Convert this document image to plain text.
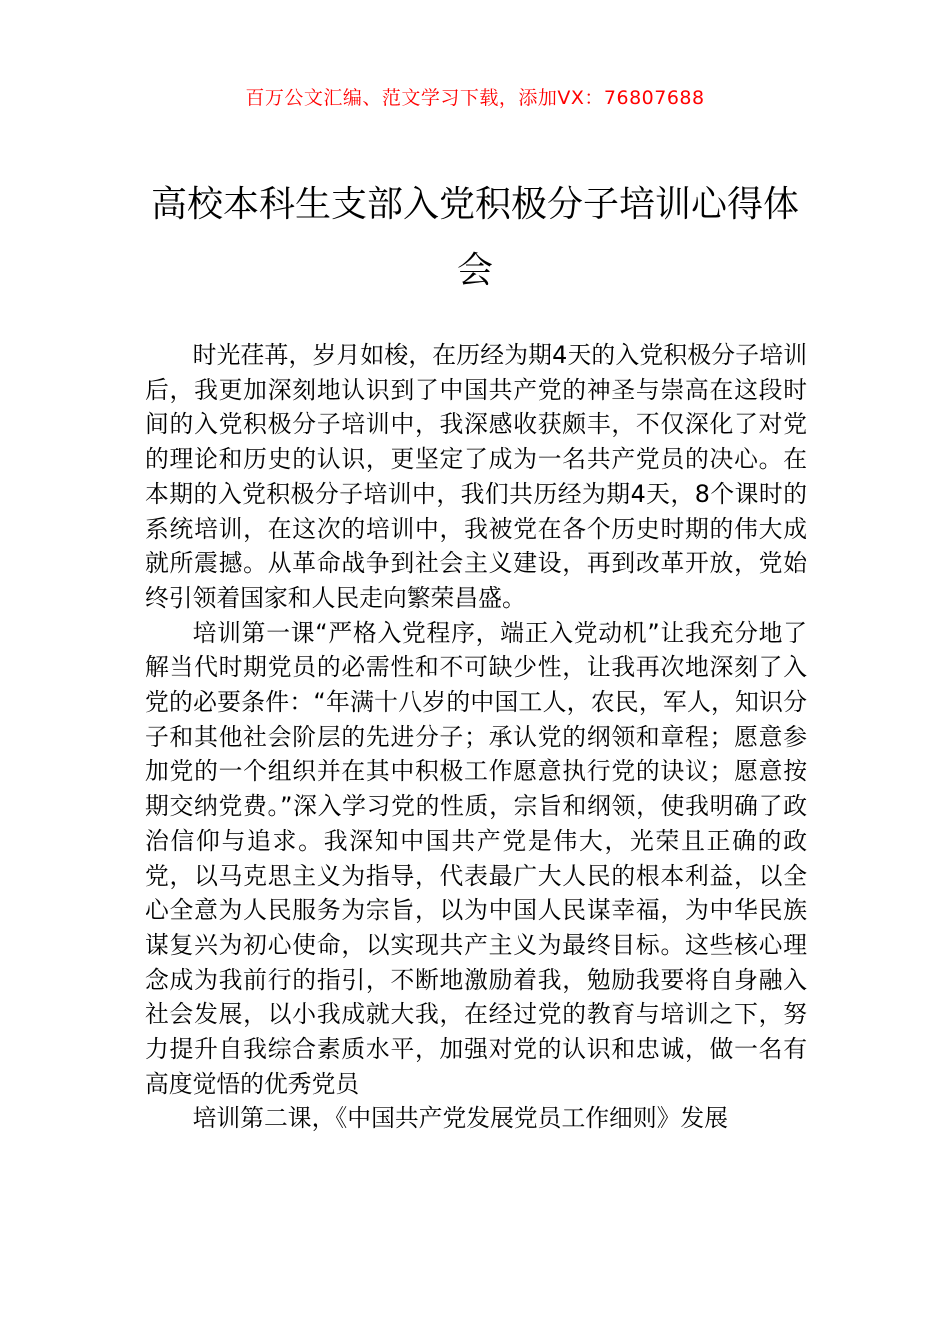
百万公文汇编、范文学习下载，添加VX：76807688
高校本科生支部入党积极分子培训心得体会

时光荏苒，岁月如梭，在历经为期4天的入党积极分子培训后，我更加深刻地认识到了中国共产党的神圣与崇高在这段时间的入党积极分子培训中，我深感收获颇丰，不仅深化了对党的理论和历史的认识，更坚定了成为一名共产党员的决心。在本期的入党积极分子培训中，我们共历经为期4天，8个课时的系统培训，在这次的培训中，我被党在各个历史时期的伟大成就所震撼。从革命战争到社会主义建设，再到改革开放，党始终引领着国家和人民走向繁荣昌盛。

培训第一课“严格入党程序，端正入党动机”让我充分地了解当代时期党员的必需性和不可缺少性，让我再次地深刻了入党的必要条件：“年满十八岁的中国工人，农民，军人，知识分子和其他社会阶层的先进分子；承认党的纲领和章程；愿意参加党的一个组织并在其中积极工作愿意执行党的诀议；愿意按期交纳党费。”深入学习党的性质，宗旨和纲领，使我明确了政治信仰与追求。我深知中国共产党是伟大，光荣且正确的政党，以马克思主义为指导，代表最广大人民的根本利益，以全心全意为人民服务为宗旨，以为中国人民谋幸福，为中华民族谋复兴为初心使命，以实现共产主义为最终目标。这些核心理念成为我前行的指引，不断地激励着我，勉励我要将自身融入社会发展，以小我成就大我，在经过党的教育与培训之下，努力提升自我综合素质水平，加强对党的认识和忠诚，做一名有高度觉悟的优秀党员

培训第二课，《中国共产党发展党员工作细则》发展
